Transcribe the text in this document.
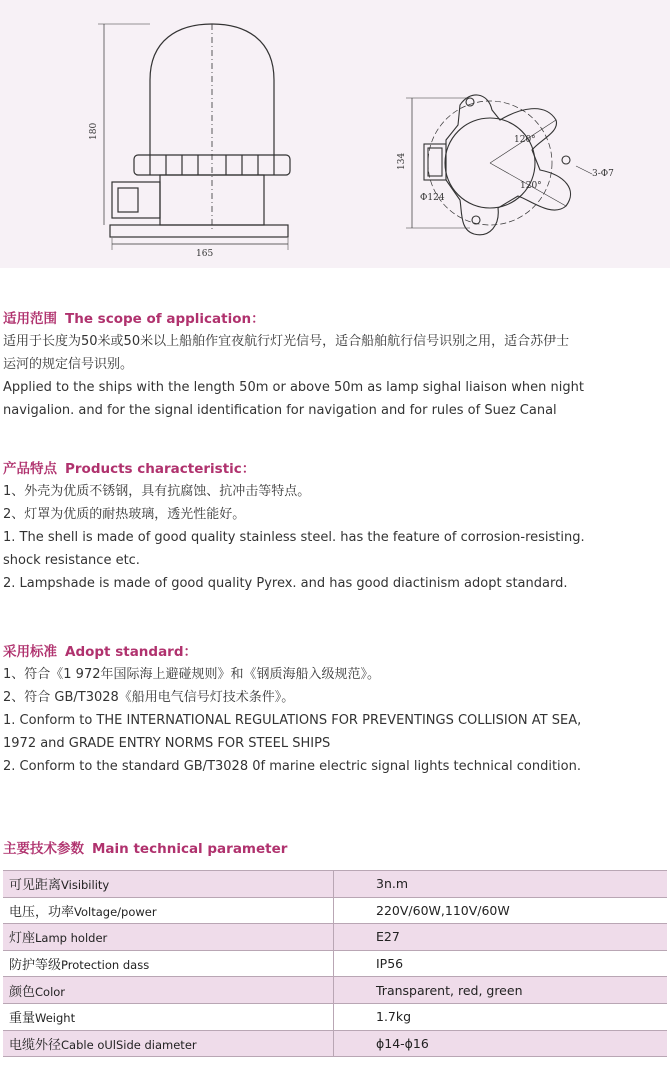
180
165
134
120°
120°
3-Φ7
Φ124
适用范围 The scope of application：
适用于长度为50米或50米以上船舶作宜夜航行灯光信号，适合船舶航行信号识别之用，适合苏伊士
运河的规定信号识别。
Applied to the ships with the length 50m or above 50m as lamp sighal liaison when night
navigalion. and for the signal identification for navigation and for rules of Suez Canal
产品特点 Products characteristic：
1、外壳为优质不锈钢，具有抗腐蚀、抗冲击等特点。
2、灯罩为优质的耐热玻璃，透光性能好。
1. The shell is made of good quality stainless steel. has the feature of corrosion-resisting.
shock resistance etc.
2. Lampshade is made of good quality Pyrex. and has good diactinism adopt standard.
采用标准 Adopt standard：
1、符合《1 972年国际海上避碰规则》和《钢质海船入级规范》。
2、符合 GB/T3028《船用电气信号灯技术条件》。
1. Conform to THE INTERNATIONAL REGULATIONS FOR PREVENTINGS COLLISION AT SEA,
1972 and GRADE ENTRY NORMS FOR STEEL SHIPS
2. Conform to the standard GB/T3028 0f marine electric signal lights technical condition.
主要技术参数 Main technical parameter
可见距离Visibility	3n.m
电压，功率Voltage/power	220V/60W,110V/60W
灯座Lamp holder	E27
防护等级Protection dass	IP56
颜色Color	Transparent, red, green
重量Weight	1.7kg
电缆外径Cable oUlSide diameter	ϕ14-ϕ16
